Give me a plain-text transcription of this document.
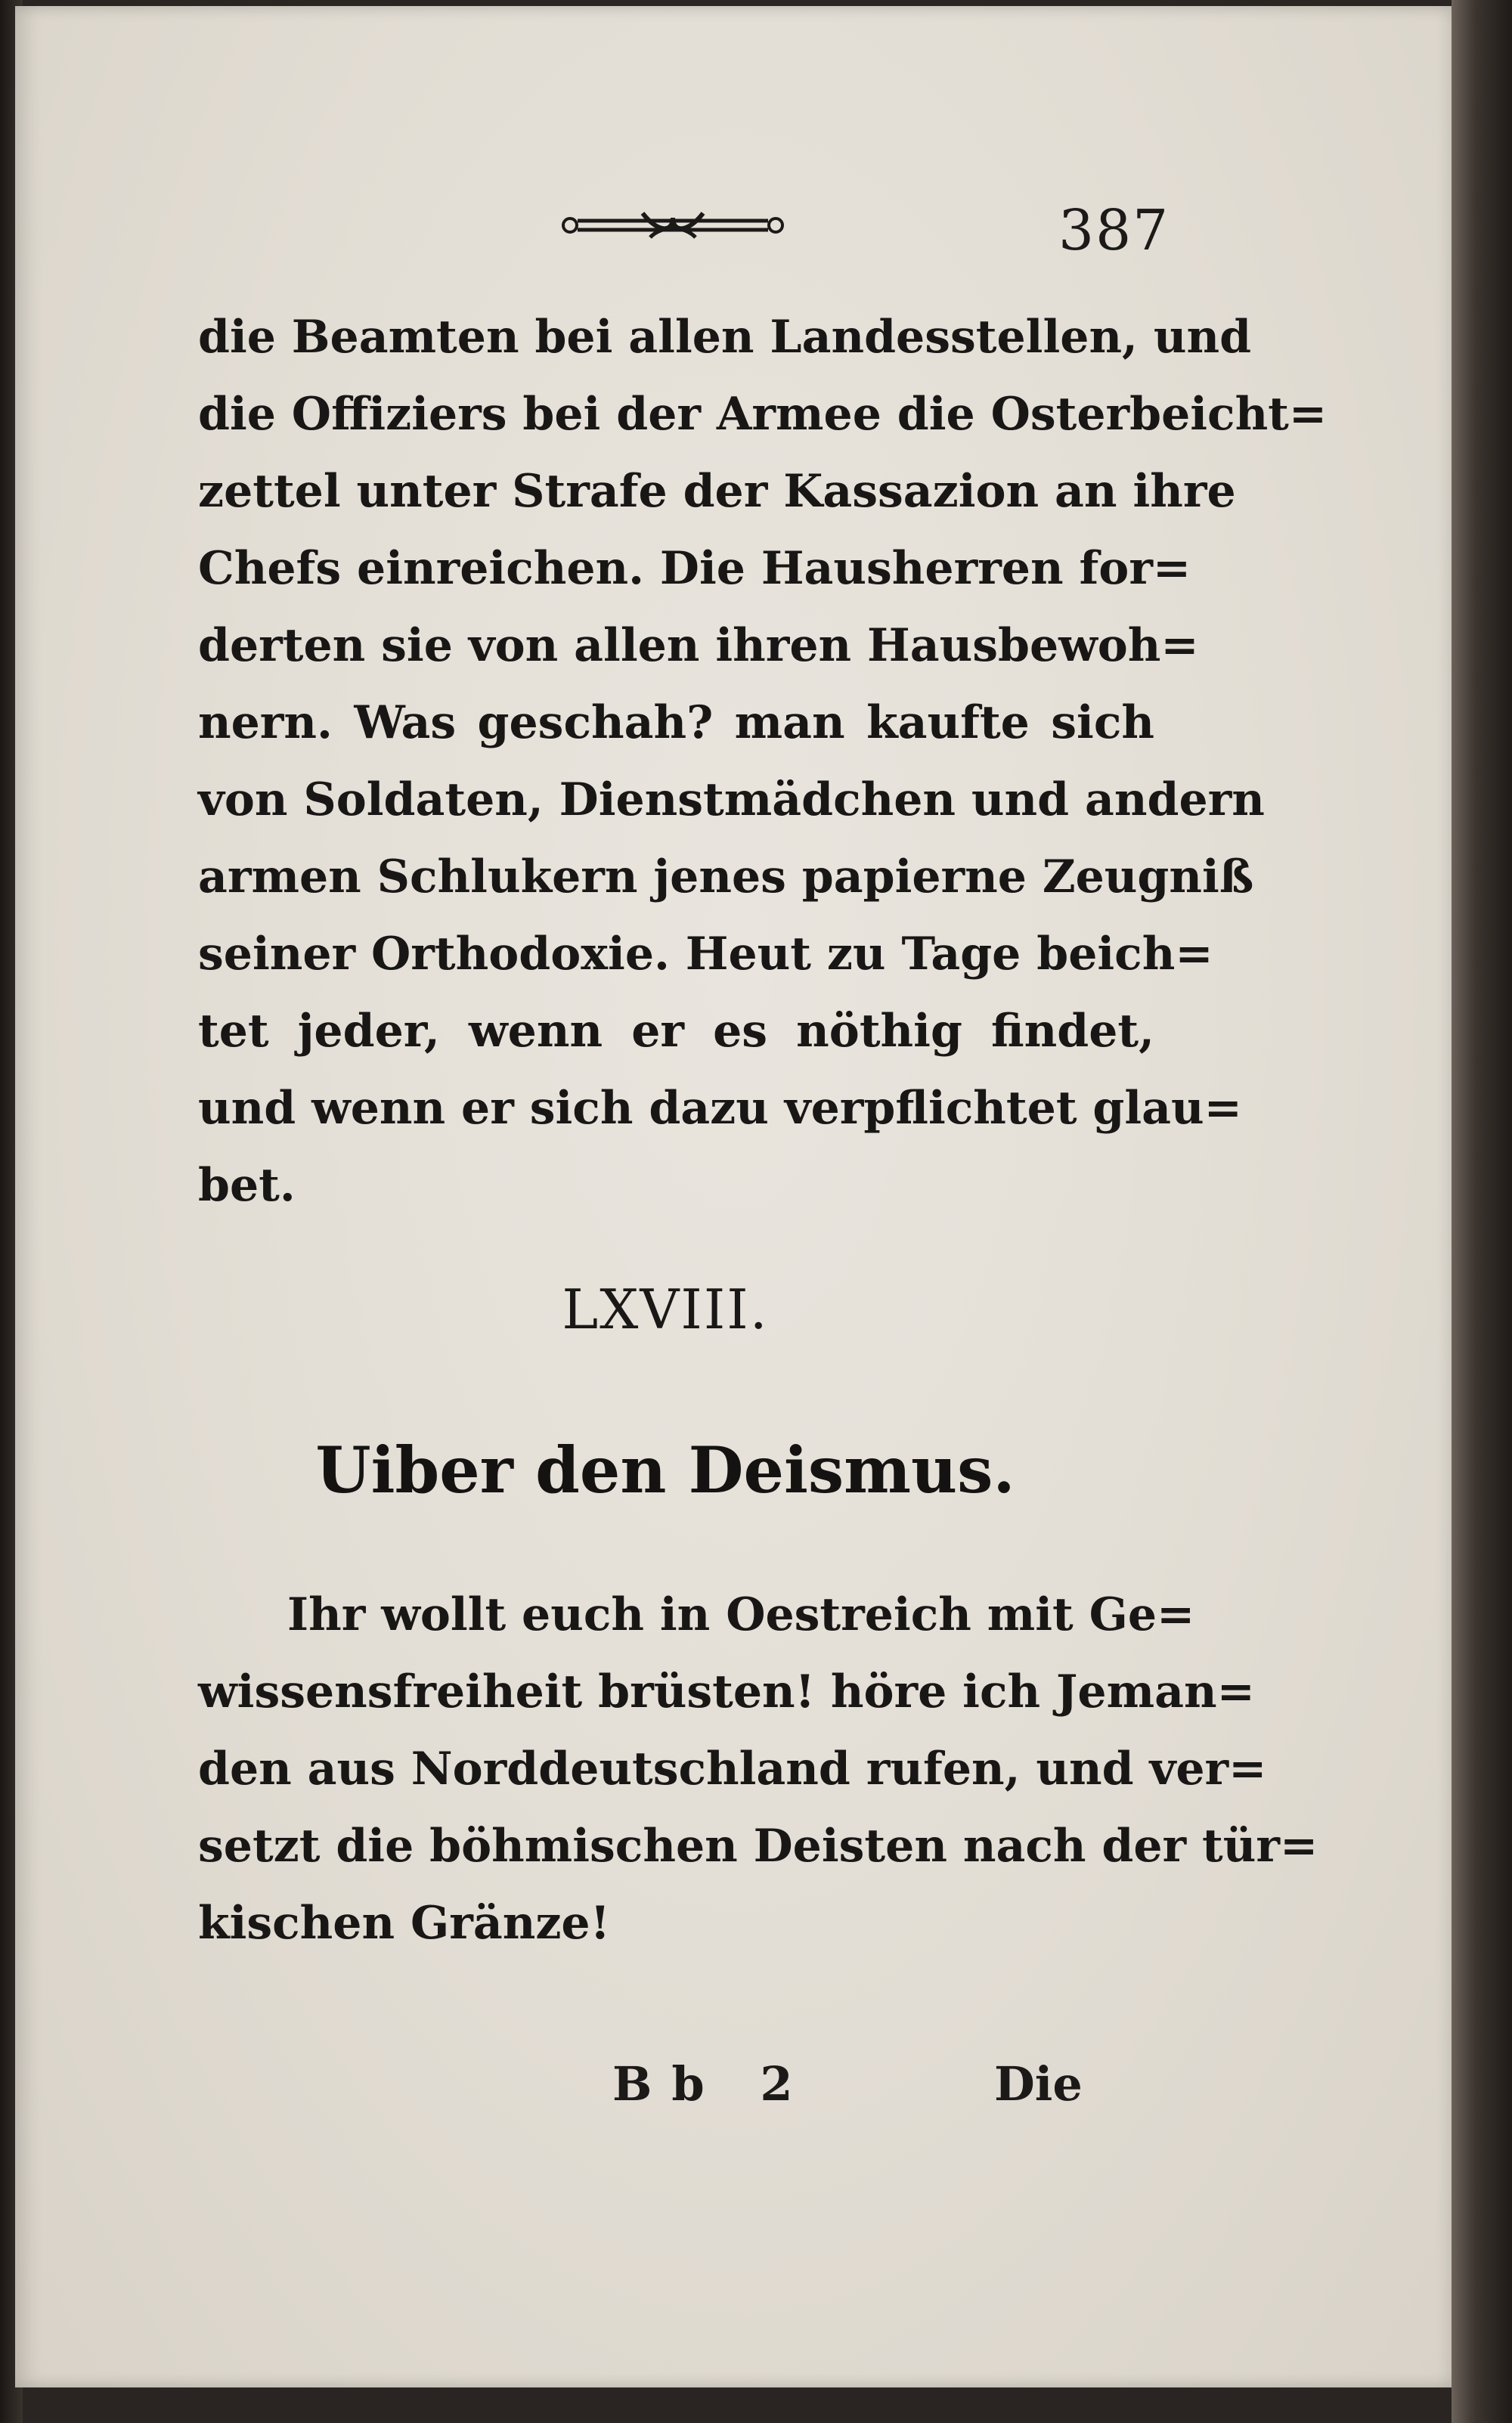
387
die Beamten bei allen Landesstellen, und
die Offiziers bei der Armee die Osterbeicht=
zettel unter Strafe der Kassazion an ihre
Chefs einreichen. Die Hausherren for=
derten sie von allen ihren Hausbewoh=
nern. Was geschah? man kaufte sich
von Soldaten, Dienstmädchen und andern
armen Schlukern jenes papierne Zeugniß
seiner Orthodoxie. Heut zu Tage beich=
tet jeder, wenn er es nöthig findet,
und wenn er sich dazu verpflichtet glau=
bet.
LXVIII.
Uiber den Deismus.
Ihr wollt euch in Oestreich mit Ge=
wissensfreiheit brüsten! höre ich Jeman=
den aus Norddeutschland rufen, und ver=
setzt die böhmischen Deisten nach der tür=
kischen Gränze!
Bb 2	Die
